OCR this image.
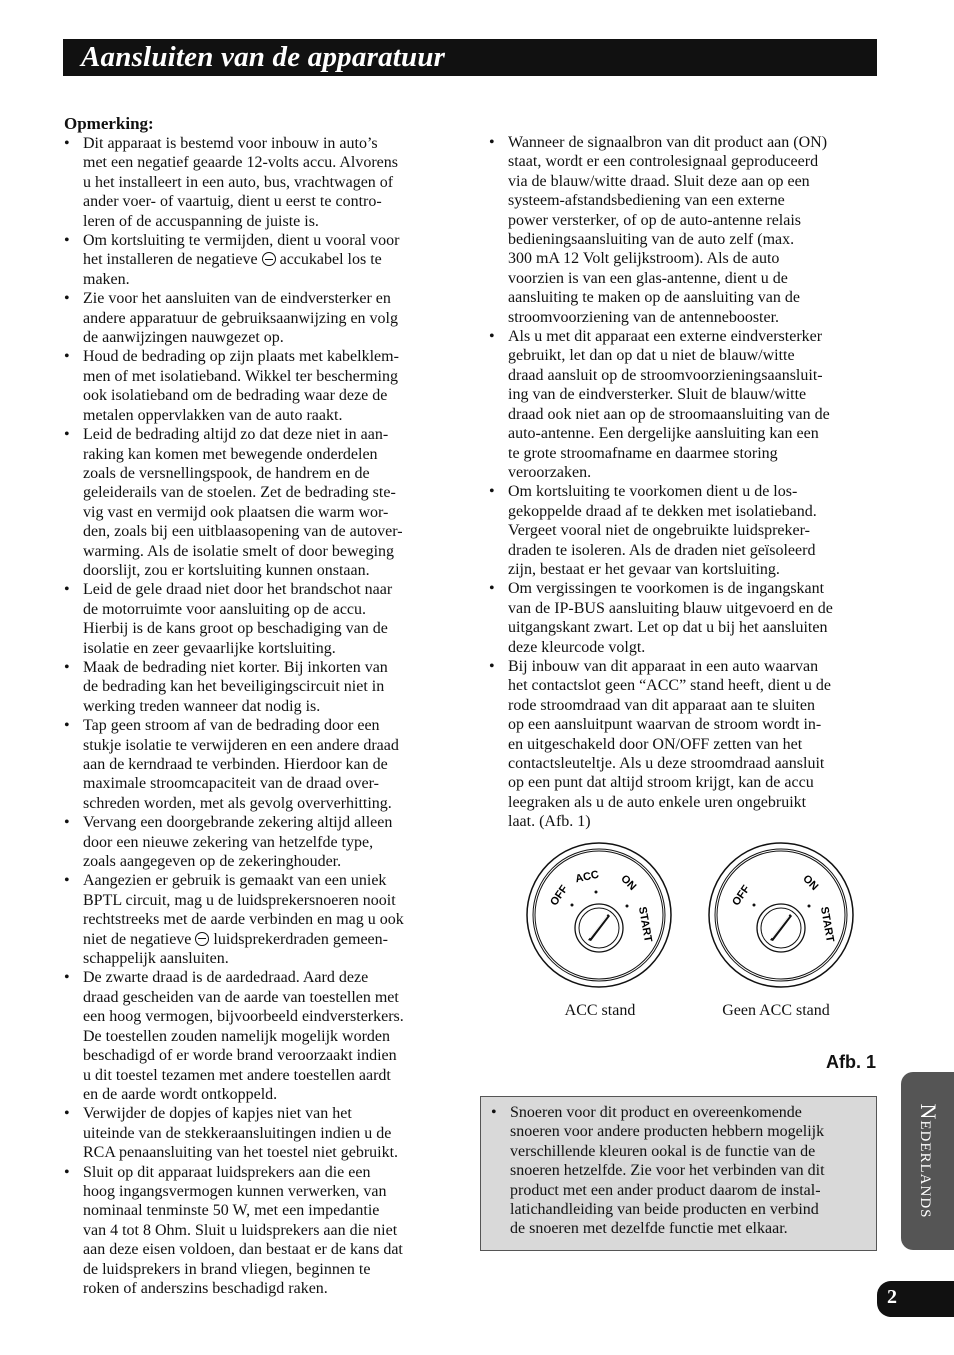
Aansluiten van de apparatuur
Opmerking:
• Dit apparaat is bestemd voor inbouw in auto’s
met een negatief geaarde 12-volts accu. Alvorens
u het installeert in een auto, bus, vrachtwagen of
ander voer- of vaartuig, dient u eerst te contro-
leren of de accuspanning de juiste is.
• Om kortsluiting te vermijden, dient u vooral voor
het installeren de negatieve  accukabel los te
maken.
• Zie voor het aansluiten van de eindversterker en
andere apparatuur de gebruiksaanwijzing en volg
de aanwijzingen nauwgezet op.
• Houd de bedrading op zijn plaats met kabelklem-
men of met isolatieband. Wikkel ter bescherming
ook isolatieband om de bedrading waar deze de
metalen oppervlakken van de auto raakt.
• Leid de bedrading altijd zo dat deze niet in aan-
raking kan komen met bewegende onderdelen
zoals de versnellingspook, de handrem en de
geleiderails van de stoelen. Zet de bedrading ste-
vig vast en vermijd ook plaatsen die warm wor-
den, zoals bij een uitblaasopening van de autover-
warming. Als de isolatie smelt of door beweging
doorslijt, zou er kortsluiting kunnen onstaan.
• Leid de gele draad niet door het brandschot naar
de motorruimte voor aansluiting op de accu.
Hierbij is de kans groot op beschadiging van de
isolatie en zeer gevaarlijke kortsluiting.
• Maak de bedrading niet korter. Bij inkorten van
de bedrading kan het beveiligingscircuit niet in
werking treden wanneer dat nodig is.
• Tap geen stroom af van de bedrading door een
stukje isolatie te verwijderen en een andere draad
aan de kerndraad te verbinden. Hierdoor kan de
maximale stroomcapaciteit van de draad over-
schreden worden, met als gevolg oververhitting.
• Vervang een doorgebrande zekering altijd alleen
door een nieuwe zekering van hetzelfde type,
zoals aangegeven op de zekeringhouder.
• Aangezien er gebruik is gemaakt van een uniek
BPTL circuit, mag u de luidsprekersnoeren nooit
rechtstreeks met de aarde verbinden en mag u ook
niet de negatieve  luidsprekerdraden gemeen-
schappelijk aansluiten.
• De zwarte draad is de aardedraad. Aard deze
draad gescheiden van de aarde van toestellen met
een hoog vermogen, bijvoorbeeld eindversterkers.
De toestellen zouden namelijk mogelijk worden
beschadigd of er worde brand veroorzaakt indien
u dit toestel tezamen met andere toestellen aardt
en de aarde wordt ontkoppeld.
• Verwijder de dopjes of kapjes niet van het
uiteinde van de stekkeraansluitingen indien u de
RCA penaansluiting van het toestel niet gebruikt.
• Sluit op dit apparaat luidsprekers aan die een
hoog ingangsvermogen kunnen verwerken, van
nominaal tenminste 50 W, met een impedantie
van 4 tot 8 Ohm. Sluit u luidsprekers aan die niet
aan deze eisen voldoen, dan bestaat er de kans dat
de luidsprekers in brand vliegen, beginnen te
roken of anderszins beschadigd raken.
• Wanneer de signaalbron van dit product aan (ON)
staat, wordt er een controlesignaal geproduceerd
via de blauw/witte draad. Sluit deze aan op een
systeem-afstandsbediening van een externe
power versterker, of op de auto-antenne relais
bedieningsaansluiting van de auto zelf (max.
300 mA 12 Volt gelijkstroom). Als de auto
voorzien is van een glas-antenne, dient u de
aansluiting te maken op de aansluiting van de
stroomvoorziening van de antennebooster.
• Als u met dit apparaat een externe eindversterker
gebruikt, let dan op dat u niet de blauw/witte
draad aansluit op de stroomvoorzieningsaansluit-
ing van de eindversterker. Sluit de blauw/witte
draad ook niet aan op de stroomaansluiting van de
auto-antenne. Een dergelijke aansluiting kan een
te grote stroomafname en daarmee storing
veroorzaken.
• Om kortsluiting te voorkomen dient u de los-
gekoppelde draad af te dekken met isolatieband.
Vergeet vooral niet de ongebruikte luidspreker-
draden te isoleren. Als de draden niet geïsoleerd
zijn, bestaat er het gevaar van kortsluiting.
• Om vergissingen te voorkomen is de ingangskant
van de IP-BUS aansluiting blauw uitgevoerd en de
uitgangskant zwart. Let op dat u bij het aansluiten
deze kleurcode volgt.
• Bij inbouw van dit apparaat in een auto waarvan
het contactslot geen “ACC” stand heeft, dient u de
rode stroomdraad van dit apparaat aan te sluiten
op een aansluitpunt waarvan de stroom wordt in-
en uitgeschakeld door ON/OFF zetten van het
contactsleuteltje. Als u deze stroomdraad aansluit
op een punt dat altijd stroom krijgt, kan de accu
leegraken als u de auto enkele uren ongebruikt
laat. (Afb. 1)
OFF
ACC ON
START
OFF
ON
START
ACC stand	Geen ACC stand
Afb. 1
• Snoeren voor dit product en overeenkomende
snoeren voor andere producten hebbern mogelijk
verschillende kleuren ookal is de functie van de
snoeren hetzelfde. Zie voor het verbinden van dit
product met een ander product daarom de instal-
latichandleiding van beide producten en verbind
de snoeren met dezelfde functie met elkaar.
Nederlands
2
